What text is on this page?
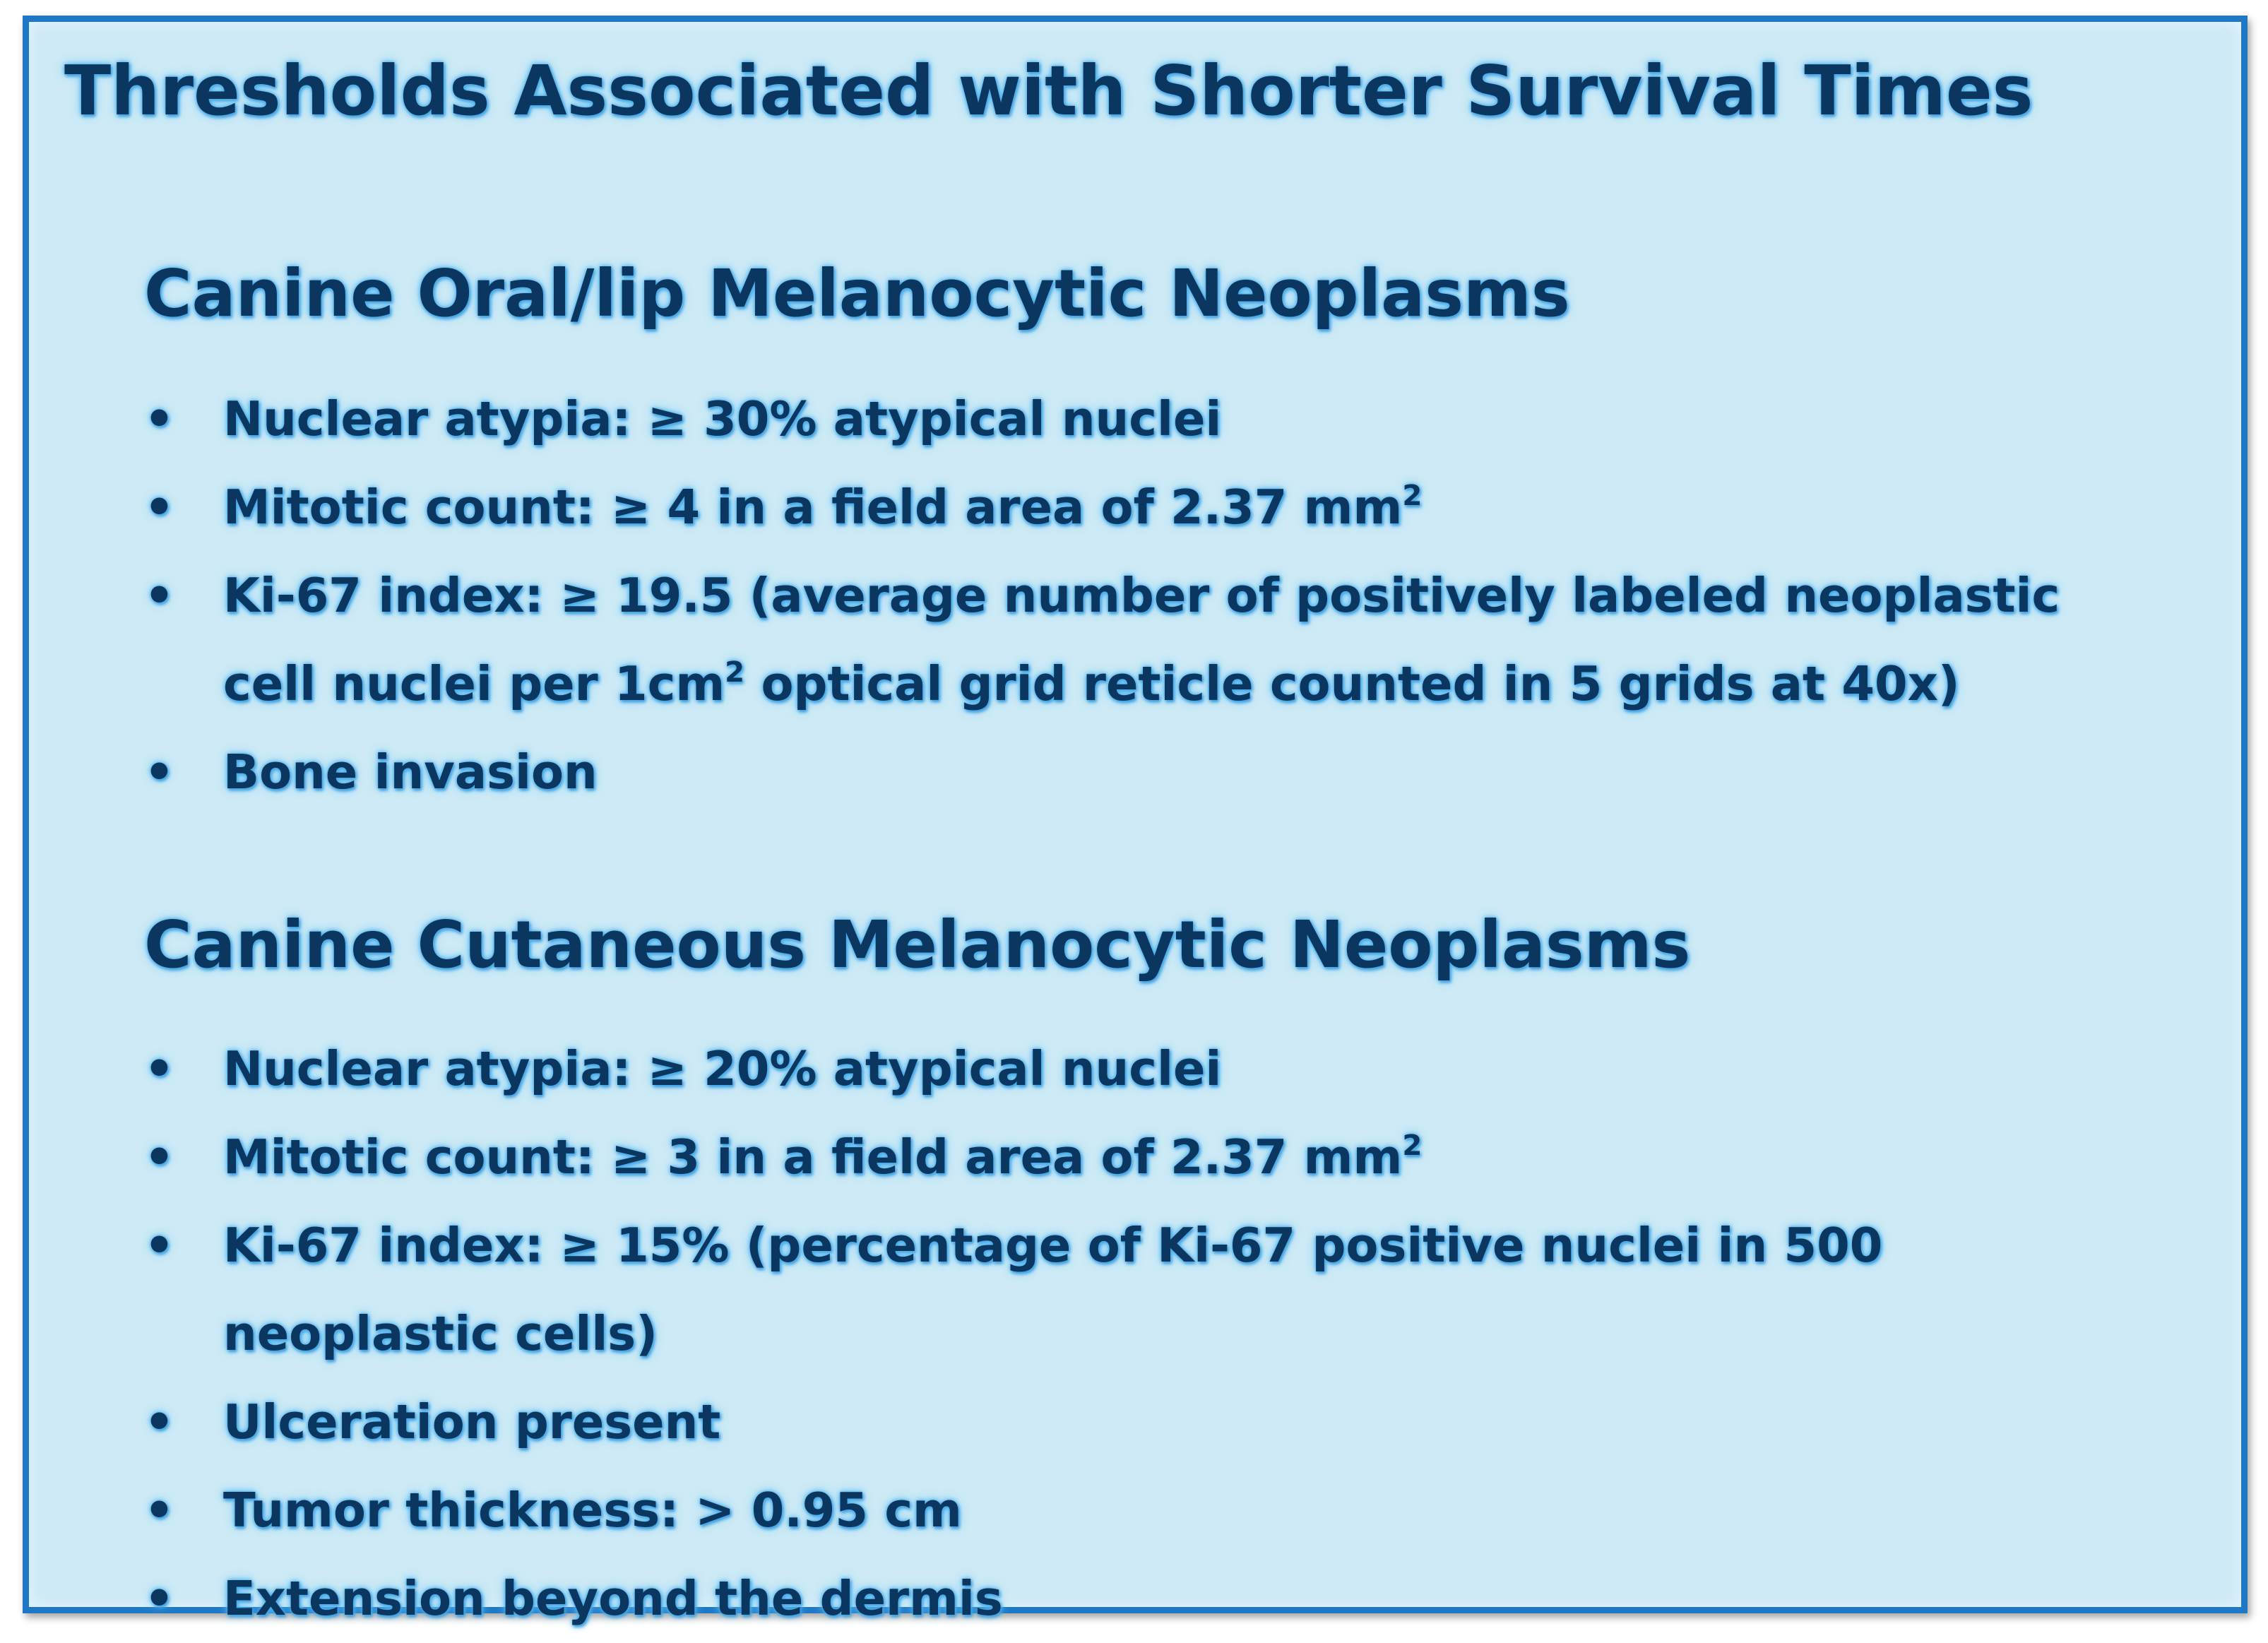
Thresholds Associated with Shorter Survival Times
Canine Oral/lip Melanocytic Neoplasms
• Nuclear atypia: ≥ 30% atypical nuclei
• Mitotic count: ≥ 4 in a field area of 2.37 $mm^2$
• Ki-67 index: ≥ 19.5 (average number of positively labeled neoplastic cell nuclei per $1cm^2$ optical grid reticle counted in 5 grids at 40x)
• Bone invasion
Canine Cutaneous Melanocytic Neoplasms
• Nuclear atypia: ≥ 20% atypical nuclei
• Mitotic count: ≥ 3 in a field area of 2.37 $mm^2$
• Ki-67 index: ≥ 15% (percentage of Ki-67 positive nuclei in 500 neoplastic cells)
• Ulceration present
• Tumor thickness: > 0.95 cm
• Extension beyond the dermis
